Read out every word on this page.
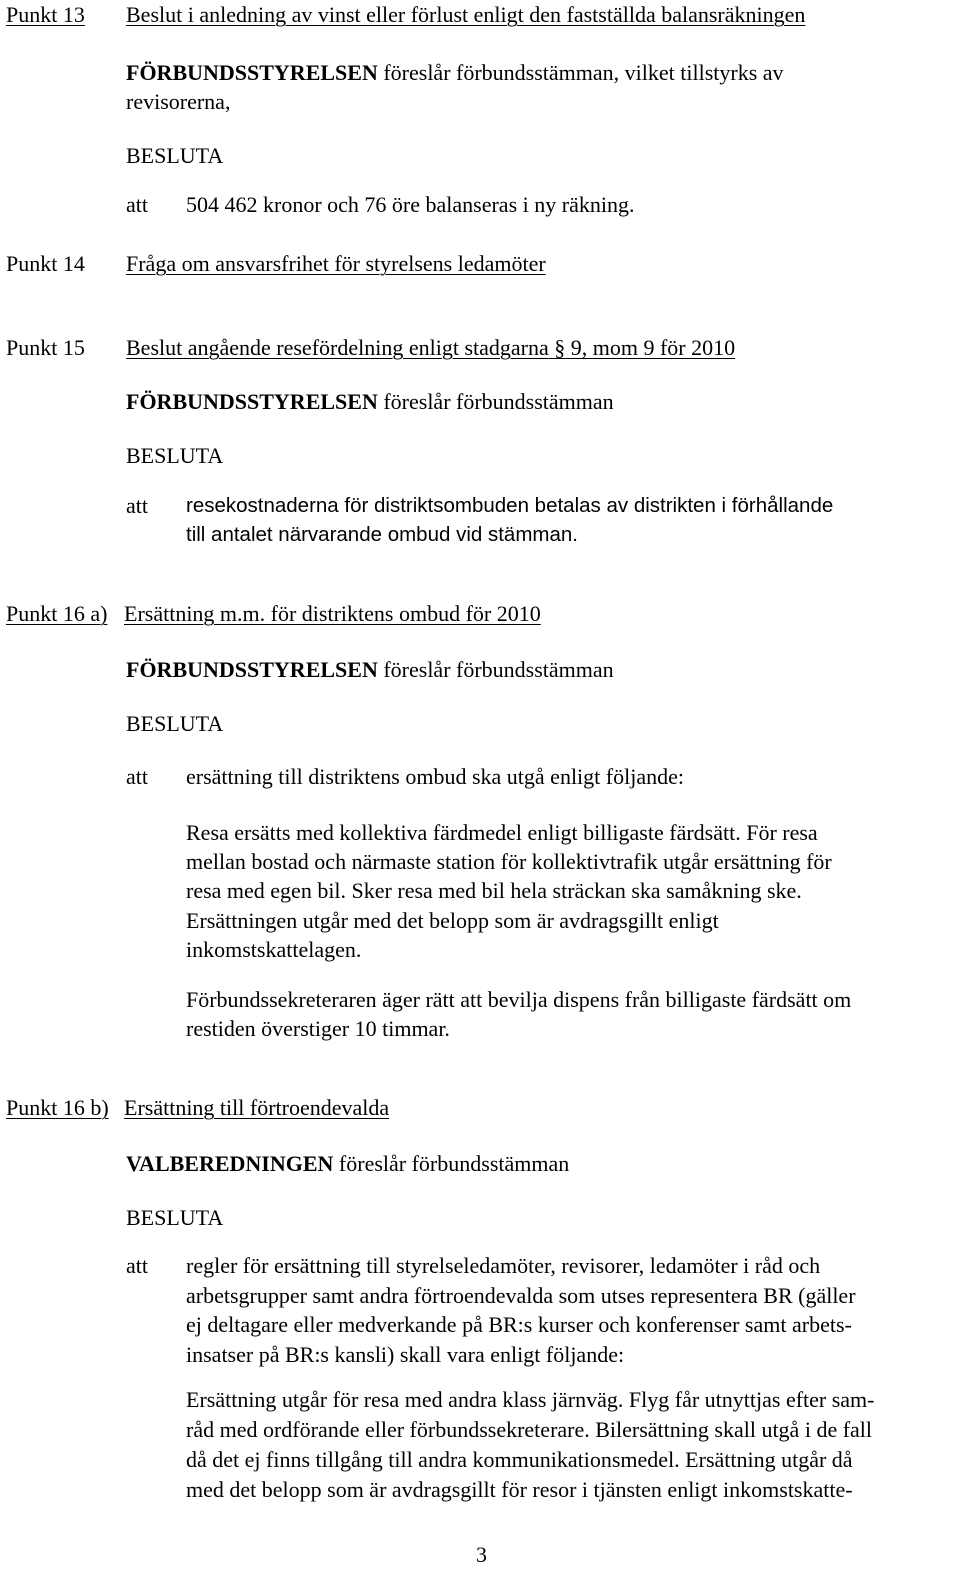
Punkt 13 Beslut i anledning av vinst eller förlust enligt den fastställda balansräkningen
FÖRBUNDSSTYRELSEN föreslår förbundsstämman, vilket tillstyrks av
revisorerna,
BESLUTA
att 504 462 kronor och 76 öre balanseras i ny räkning.
Punkt 14 Fråga om ansvarsfrihet för styrelsens ledamöter
Punkt 15 Beslut angående resefördelning enligt stadgarna § 9, mom 9 för 2010
FÖRBUNDSSTYRELSEN föreslår förbundsstämman
BESLUTA
att resekostnaderna för distriktsombuden betalas av distrikten i förhållande
till antalet närvarande ombud vid stämman.
Punkt 16 a) Ersättning m.m. för distriktens ombud för 2010
FÖRBUNDSSTYRELSEN föreslår förbundsstämman
BESLUTA
att ersättning till distriktens ombud ska utgå enligt följande:
Resa ersätts med kollektiva färdmedel enligt billigaste färdsätt. För resa
mellan bostad och närmaste station för kollektivtrafik utgår ersättning för
resa med egen bil. Sker resa med bil hela sträckan ska samåkning ske.
Ersättningen utgår med det belopp som är avdragsgillt enligt
inkomstskattelagen.
Förbundssekreteraren äger rätt att bevilja dispens från billigaste färdsätt om
restiden överstiger 10 timmar.
Punkt 16 b) Ersättning till förtroendevalda
VALBEREDNINGEN föreslår förbundsstämman
BESLUTA
att regler för ersättning till styrelseledamöter, revisorer, ledamöter i råd och
arbetsgrupper samt andra förtroendevalda som utses representera BR (gäller
ej deltagare eller medverkande på BR:s kurser och konferenser samt arbets-
insatser på BR:s kansli) skall vara enligt följande:
Ersättning utgår för resa med andra klass järnväg. Flyg får utnyttjas efter sam-
råd med ordförande eller förbundssekreterare. Bilersättning skall utgå i de fall
då det ej finns tillgång till andra kommunikationsmedel. Ersättning utgår då
med det belopp som är avdragsgillt för resor i tjänsten enligt inkomstskatte-
3
